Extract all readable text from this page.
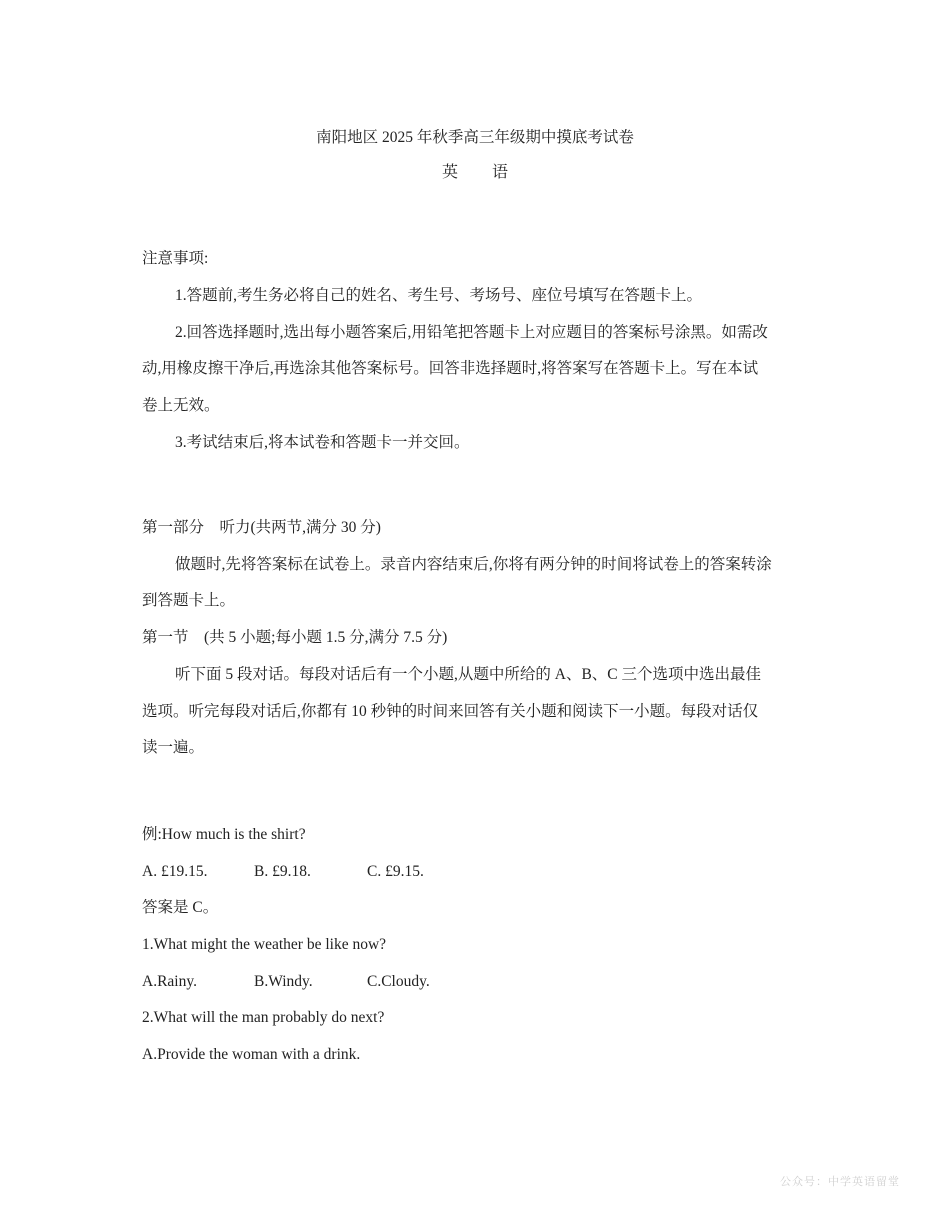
南阳地区 2025 年秋季高三年级期中摸底考试卷
英 语
注意事项:
1.答题前,考生务必将自己的姓名、考生号、考场号、座位号填写在答题卡上。
2.回答选择题时,选出每小题答案后,用铅笔把答题卡上对应题目的答案标号涂黑。如需改
动,用橡皮擦干净后,再选涂其他答案标号。回答非选择题时,将答案写在答题卡上。写在本试
卷上无效。
3.考试结束后,将本试卷和答题卡一并交回。
第一部分　听力(共两节,满分 30 分)
做题时,先将答案标在试卷上。录音内容结束后,你将有两分钟的时间将试卷上的答案转涂
到答题卡上。
第一节　(共 5 小题;每小题 1.5 分,满分 7.5 分)
听下面 5 段对话。每段对话后有一个小题,从题中所给的 A、B、C 三个选项中选出最佳
选项。听完每段对话后,你都有 10 秒钟的时间来回答有关小题和阅读下一小题。每段对话仅
读一遍。
例:How much is the shirt?
A. £19.15.	B. £9.18.	C. £9.15.
答案是 C。
1.What might the weather be like now?
A.Rainy.	B.Windy.	C.Cloudy.
2.What will the man probably do next?
A.Provide the woman with a drink.
公众号：中学英语留堂
